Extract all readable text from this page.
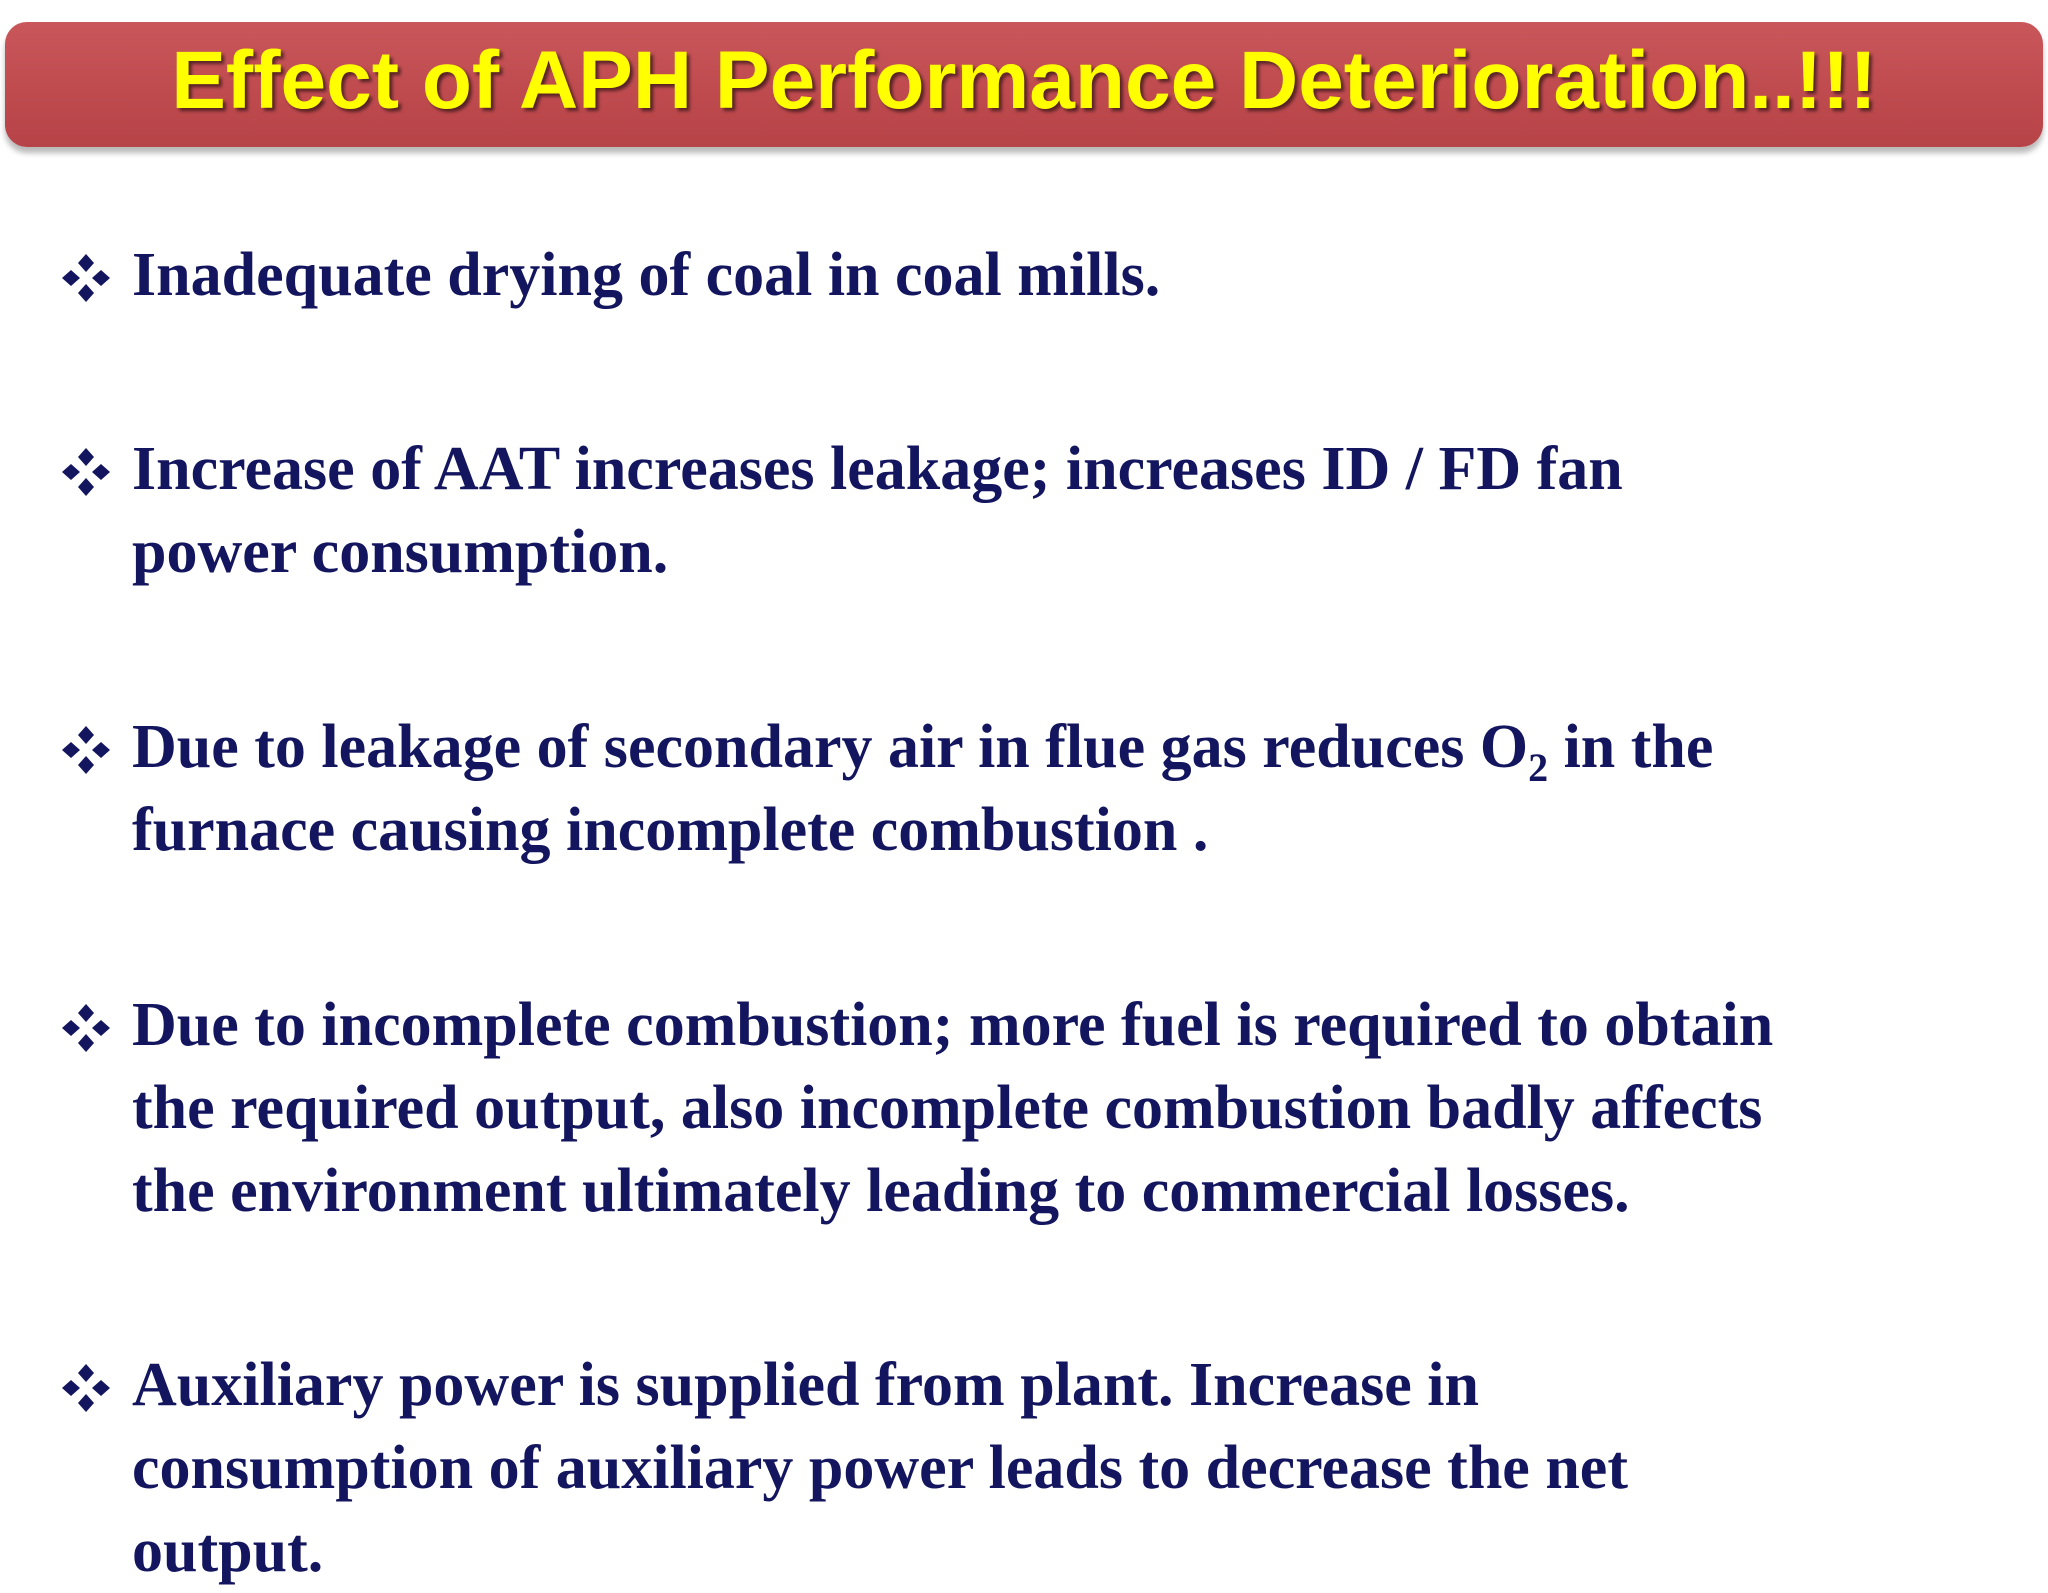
Effect of APH Performance Deterioration..!!!
Inadequate drying of coal in coal mills.
Increase of AAT increases leakage; increases ID / FD fan
power consumption.
Due to leakage of secondary air in flue gas reduces $O_2$ in the
furnace causing incomplete combustion .
Due to incomplete combustion; more fuel is required to obtain
the required output, also incomplete combustion badly affects
the environment ultimately leading to commercial losses.
Auxiliary power is supplied from plant. Increase in
consumption of auxiliary power leads to decrease the net
output.
